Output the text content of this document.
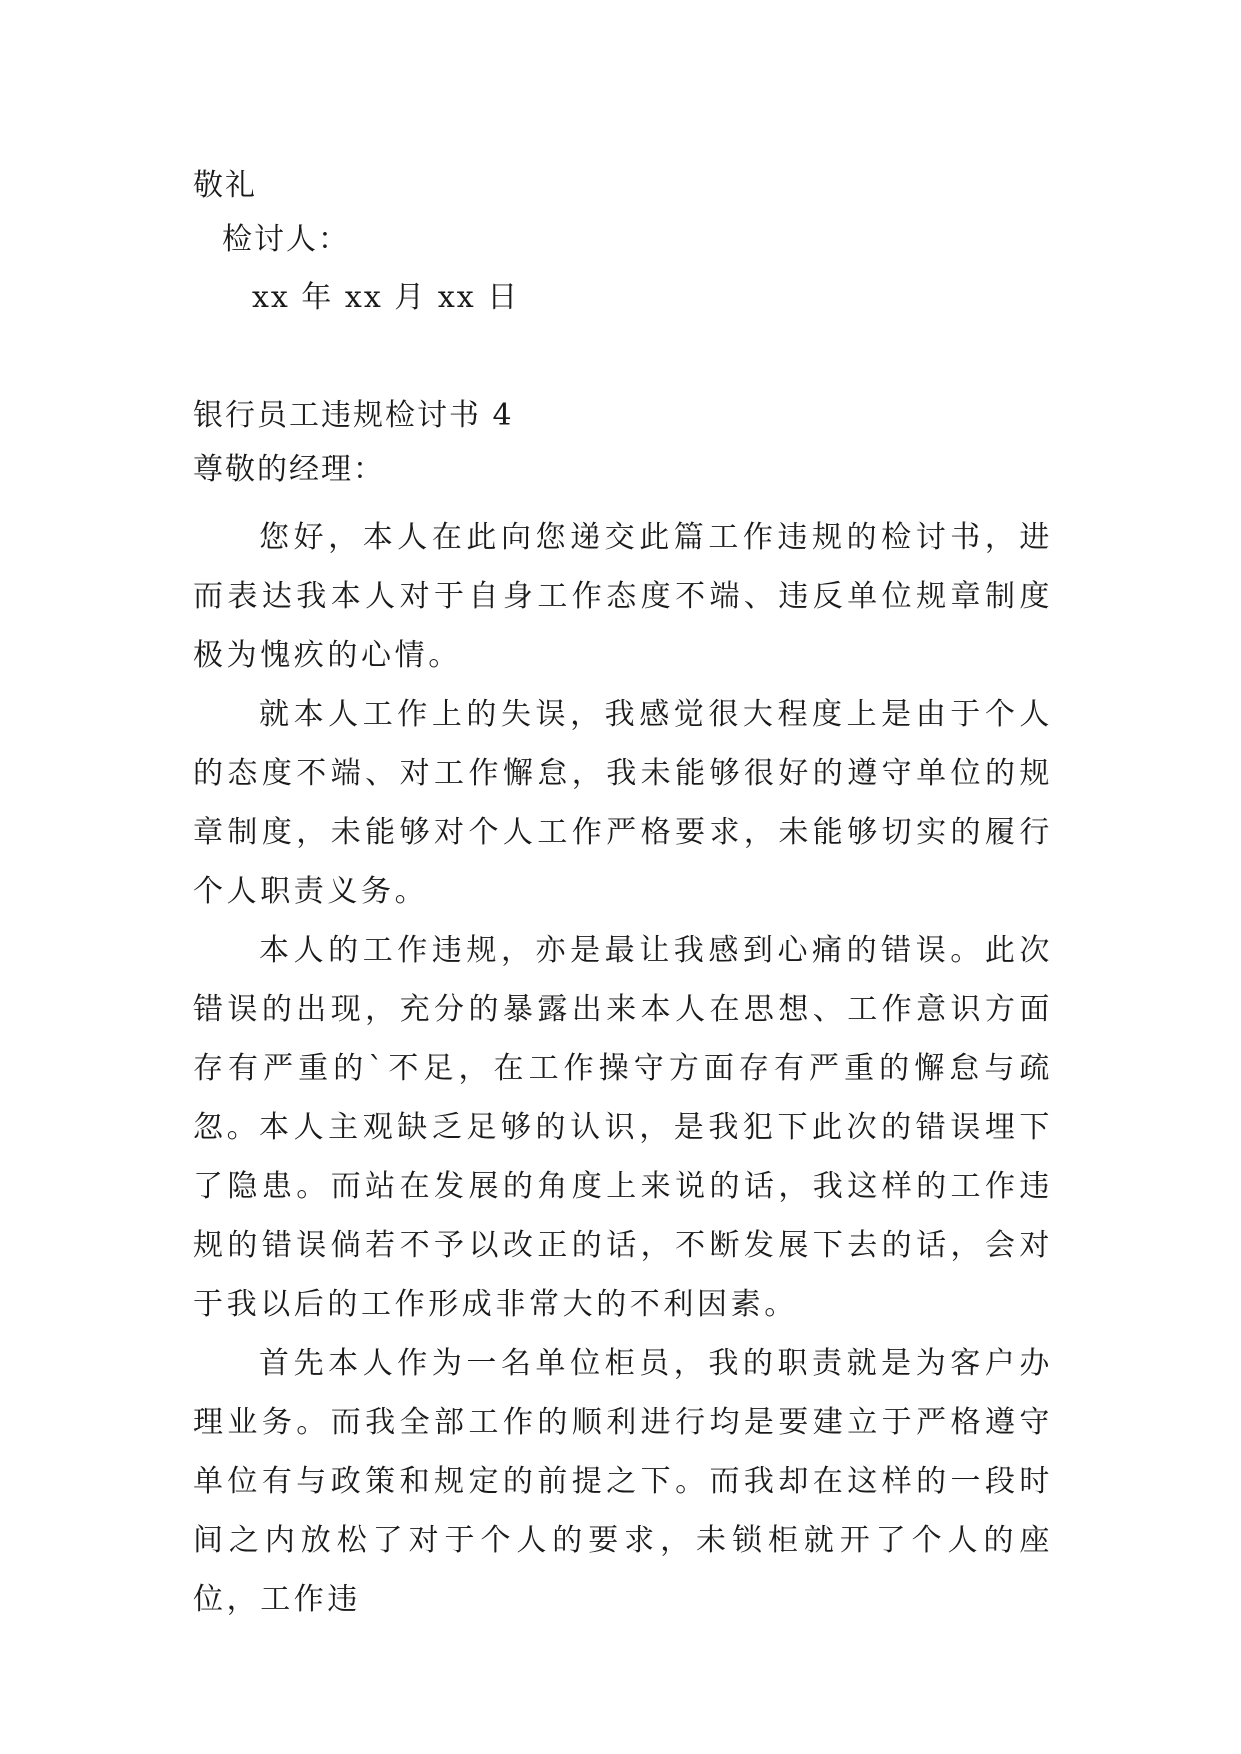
敬礼
检讨人：
xx 年 xx 月 xx 日
银行员工违规检讨书 4
尊敬的经理：
您好，本人在此向您递交此篇工作违规的检讨书，进而表达我本人对于自身工作态度不端、违反单位规章制度极为愧疚的心情。
就本人工作上的失误，我感觉很大程度上是由于个人的态度不端、对工作懈怠，我未能够很好的遵守单位的规章制度，未能够对个人工作严格要求，未能够切实的履行个人职责义务。
本人的工作违规，亦是最让我感到心痛的错误。此次错误的出现，充分的暴露出来本人在思想、工作意识方面存有严重的`不足，在工作操守方面存有严重的懈怠与疏忽。
本人主观缺乏足够的认识，是我犯下此次的错误埋下了隐患。而站在发展的角度上来说的话，我这样的工作违规的错误倘若不予以改正的话，不断发展下去的话，会对于我以后的工作形成非常大的不利因素。
首先本人作为一名单位柜员，我的职责就是为客户办理业务。而我全部工作的顺利进行均是要建立于严格遵守单位有与政策和规定的前提之下。而我却在这样的一段时间之内放松了对于个人的要求，未锁柜就开了个人的座位，工作违
